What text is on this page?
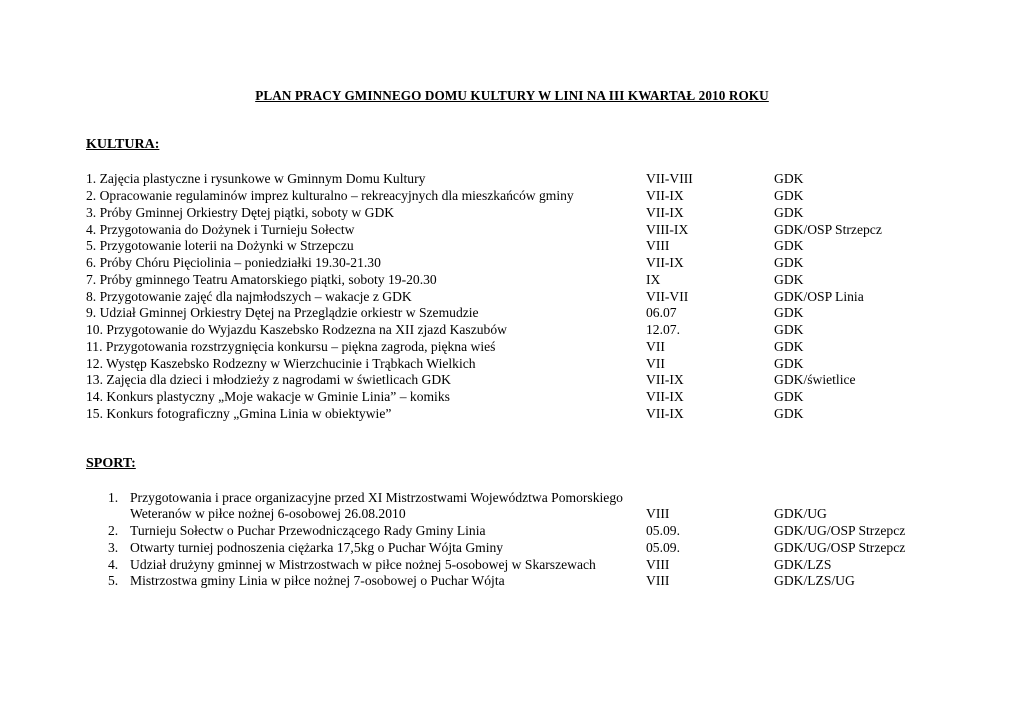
PLAN PRACY GMINNEGO DOMU KULTURY W LINI NA III KWARTAŁ 2010 ROKU
KULTURA:
1. Zajęcia plastyczne i rysunkowe w Gminnym Domu Kultury	VII-VIII	GDK
2. Opracowanie regulaminów imprez kulturalno – rekreacyjnych dla mieszkańców gminy	VII-IX	GDK
3. Próby Gminnej Orkiestry Dętej piątki, soboty w GDK	VII-IX	GDK
4. Przygotowania do Dożynek i Turnieju Sołectw	VIII-IX	GDK/OSP Strzepcz
5. Przygotowanie loterii na Dożynki w Strzepczu	VIII	GDK
6. Próby Chóru Pięciolinia – poniedziałki 19.30-21.30	VII-IX	GDK
7. Próby gminnego Teatru Amatorskiego piątki, soboty 19-20.30	IX	GDK
8. Przygotowanie zajęć dla najmłodszych – wakacje z GDK	VII-VII	GDK/OSP Linia
9. Udział Gminnej Orkiestry Dętej na Przeglądzie orkiestr w Szemudzie	06.07	GDK
10. Przygotowanie do Wyjazdu Kaszebsko Rodzezna na XII zjazd Kaszubów	12.07.	GDK
11. Przygotowania rozstrzygnięcia konkursu – piękna zagroda, piękna wieś	VII	GDK
12. Występ Kaszebsko Rodzezny w Wierzchucinie i Trąbkach Wielkich	VII	GDK
13. Zajęcia dla dzieci i młodzieży z nagrodami w świetlicach GDK	VII-IX	GDK/świetlice
14. Konkurs plastyczny „Moje wakacje w Gminie Linia” – komiks	VII-IX	GDK
15. Konkurs fotograficzny „Gmina Linia w obiektywie”	VII-IX	GDK
SPORT:
1. Przygotowania i prace organizacyjne przed XI Mistrzostwami Województwa Pomorskiego
Weteranów w piłce nożnej 6-osobowej 26.08.2010	VIII	GDK/UG
2. Turnieju Sołectw o Puchar Przewodniczącego Rady Gminy Linia	05.09.	GDK/UG/OSP Strzepcz
3. Otwarty turniej podnoszenia ciężarka 17,5kg o Puchar Wójta Gminy	05.09.	GDK/UG/OSP Strzepcz
4. Udział drużyny gminnej w Mistrzostwach w piłce nożnej 5-osobowej w Skarszewach	VIII	GDK/LZS
5. Mistrzostwa gminy Linia w piłce nożnej 7-osobowej o Puchar Wójta	VIII	GDK/LZS/UG
